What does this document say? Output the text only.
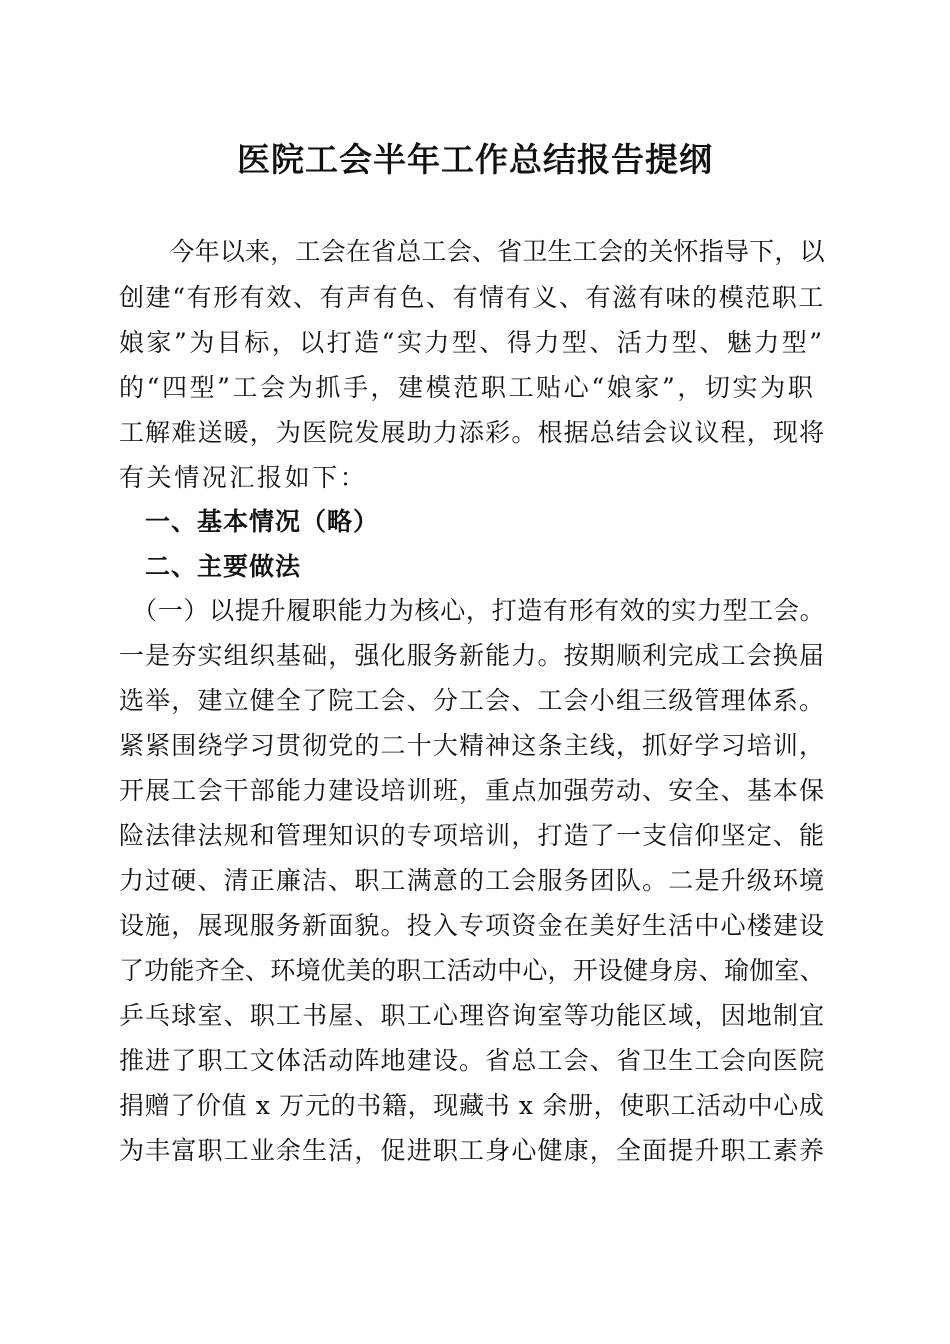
医院工会半年工作总结报告提纲
　　今年以来，工会在省总工会、省卫生工会的关怀指导下，以
创建“有形有效、有声有色、有情有义、有滋有味的模范职工
娘家”为目标，以打造“实力型、得力型、活力型、魅力型”
的“四型”工会为抓手，建模范职工贴心“娘家”，切实为职
工解难送暖，为医院发展助力添彩。根据总结会议议程，现将
有关情况汇报如下：
　一、基本情况（略）
　二、主要做法
　（一）以提升履职能力为核心，打造有形有效的实力型工会。
一是夯实组织基础，强化服务新能力。按期顺利完成工会换届
选举，建立健全了院工会、分工会、工会小组三级管理体系。
紧紧围绕学习贯彻党的二十大精神这条主线，抓好学习培训，
开展工会干部能力建设培训班，重点加强劳动、安全、基本保
险法律法规和管理知识的专项培训，打造了一支信仰坚定、能
力过硬、清正廉洁、职工满意的工会服务团队。二是升级环境
设施，展现服务新面貌。投入专项资金在美好生活中心楼建设
了功能齐全、环境优美的职工活动中心，开设健身房、瑜伽室、
乒乓球室、职工书屋、职工心理咨询室等功能区域，因地制宜
推进了职工文体活动阵地建设。省总工会、省卫生工会向医院
捐赠了价值 x 万元的书籍，现藏书 x 余册，使职工活动中心成
为丰富职工业余生活，促进职工身心健康，全面提升职工素养
